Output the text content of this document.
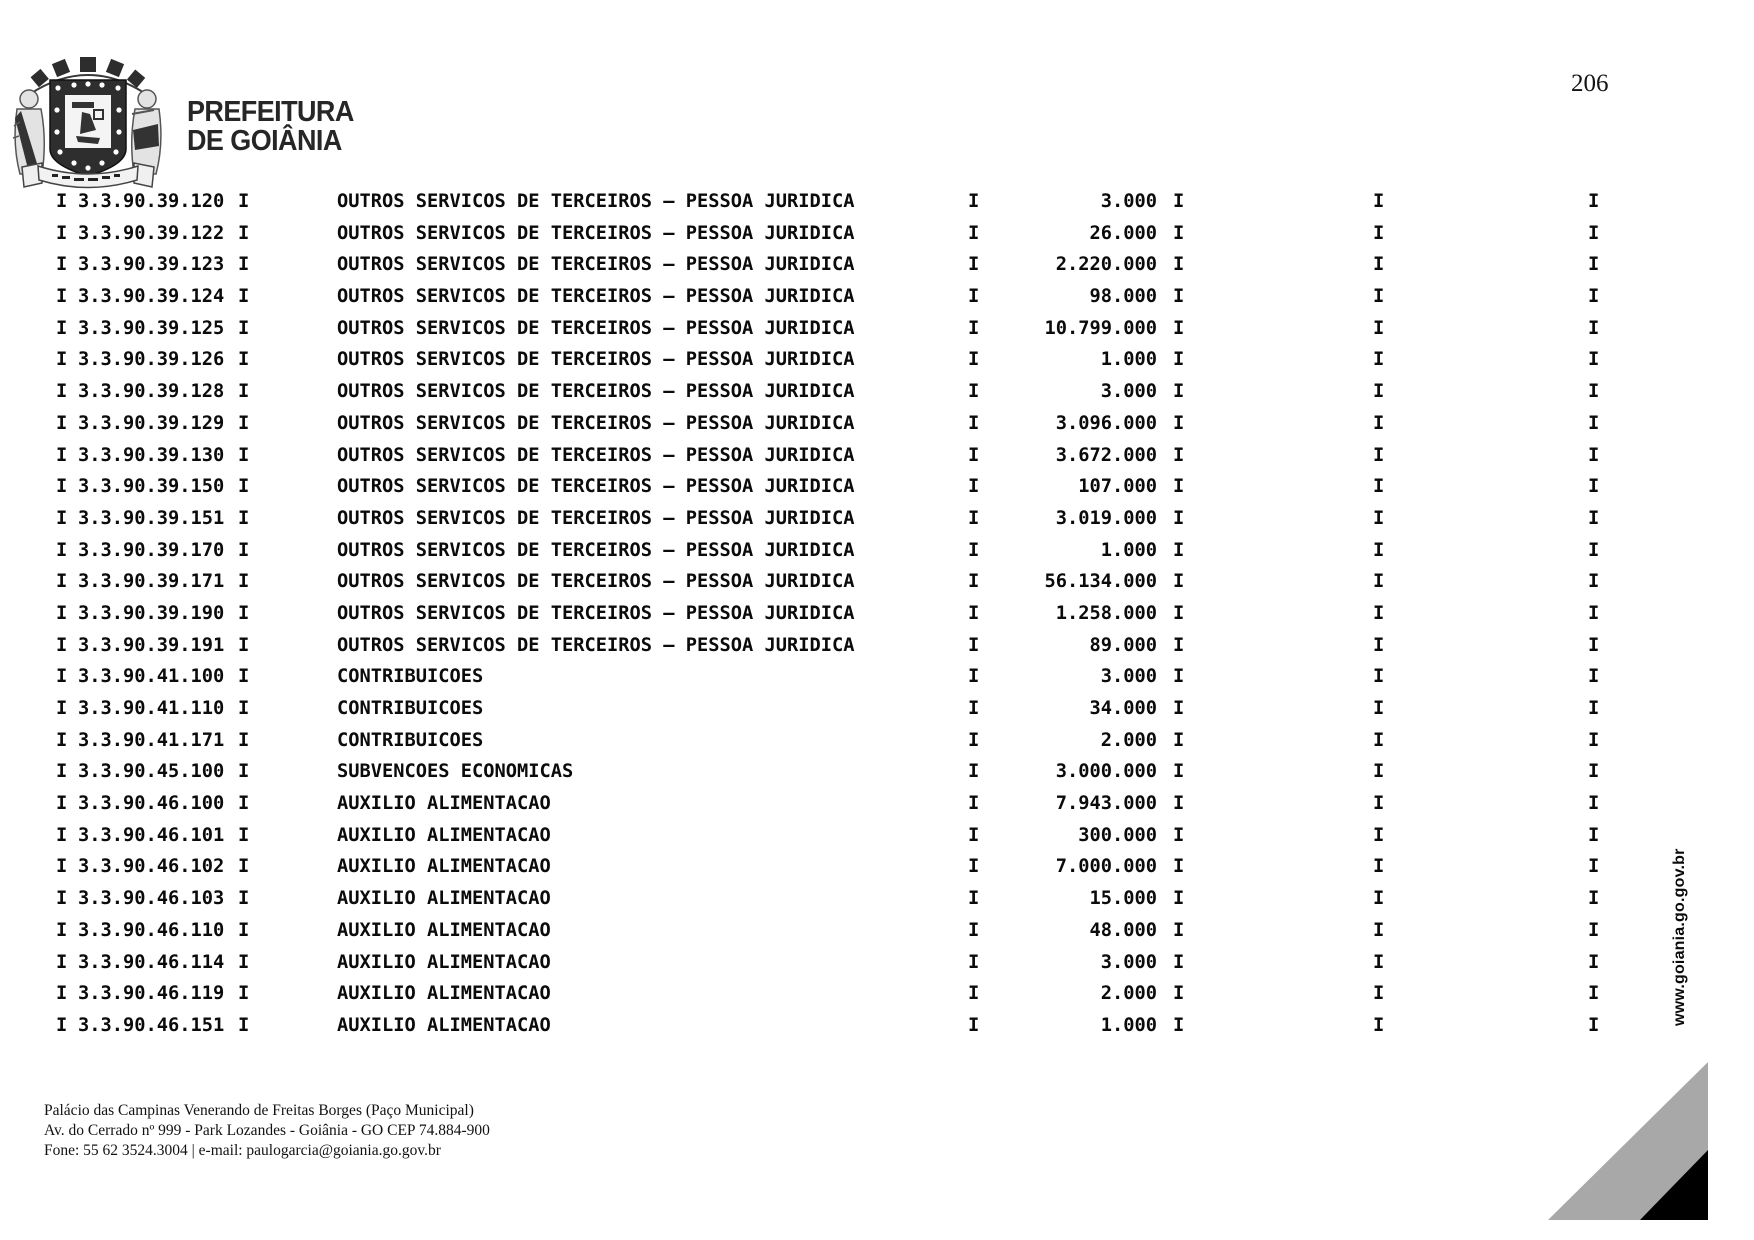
206
PREFEITURA
DE GOIÂNIA
I 3.3.90.39.120 I	OUTROS SERVICOS DE TERCEIROS – PESSOA JURIDICA	I	3.000 I	I	I
I 3.3.90.39.122 I	OUTROS SERVICOS DE TERCEIROS – PESSOA JURIDICA	I	26.000 I	I	I
I 3.3.90.39.123 I	OUTROS SERVICOS DE TERCEIROS – PESSOA JURIDICA	I	2.220.000 I	I	I
I 3.3.90.39.124 I	OUTROS SERVICOS DE TERCEIROS – PESSOA JURIDICA	I	98.000 I	I	I
I 3.3.90.39.125 I	OUTROS SERVICOS DE TERCEIROS – PESSOA JURIDICA	I	10.799.000 I	I	I
I 3.3.90.39.126 I	OUTROS SERVICOS DE TERCEIROS – PESSOA JURIDICA	I	1.000 I	I	I
I 3.3.90.39.128 I	OUTROS SERVICOS DE TERCEIROS – PESSOA JURIDICA	I	3.000 I	I	I
I 3.3.90.39.129 I	OUTROS SERVICOS DE TERCEIROS – PESSOA JURIDICA	I	3.096.000 I	I	I
I 3.3.90.39.130 I	OUTROS SERVICOS DE TERCEIROS – PESSOA JURIDICA	I	3.672.000 I	I	I
I 3.3.90.39.150 I	OUTROS SERVICOS DE TERCEIROS – PESSOA JURIDICA	I	107.000 I	I	I
I 3.3.90.39.151 I	OUTROS SERVICOS DE TERCEIROS – PESSOA JURIDICA	I	3.019.000 I	I	I
I 3.3.90.39.170 I	OUTROS SERVICOS DE TERCEIROS – PESSOA JURIDICA	I	1.000 I	I	I
I 3.3.90.39.171 I	OUTROS SERVICOS DE TERCEIROS – PESSOA JURIDICA	I	56.134.000 I	I	I
I 3.3.90.39.190 I	OUTROS SERVICOS DE TERCEIROS – PESSOA JURIDICA	I	1.258.000 I	I	I
I 3.3.90.39.191 I	OUTROS SERVICOS DE TERCEIROS – PESSOA JURIDICA	I	89.000 I	I	I
I 3.3.90.41.100 I	CONTRIBUICOES	I	3.000 I	I	I
I 3.3.90.41.110 I	CONTRIBUICOES	I	34.000 I	I	I
I 3.3.90.41.171 I	CONTRIBUICOES	I	2.000 I	I	I
I 3.3.90.45.100 I	SUBVENCOES ECONOMICAS	I	3.000.000 I	I	I
I 3.3.90.46.100 I	AUXILIO ALIMENTACAO	I	7.943.000 I	I	I
I 3.3.90.46.101 I	AUXILIO ALIMENTACAO	I	300.000 I	I	I
I 3.3.90.46.102 I	AUXILIO ALIMENTACAO	I	7.000.000 I	I	I
I 3.3.90.46.103 I	AUXILIO ALIMENTACAO	I	15.000 I	I	I
I 3.3.90.46.110 I	AUXILIO ALIMENTACAO	I	48.000 I	I	I
I 3.3.90.46.114 I	AUXILIO ALIMENTACAO	I	3.000 I	I	I
I 3.3.90.46.119 I	AUXILIO ALIMENTACAO	I	2.000 I	I	I
I 3.3.90.46.151 I	AUXILIO ALIMENTACAO	I	1.000 I	I	I
Palácio das Campinas Venerando de Freitas Borges (Paço Municipal)
Av. do Cerrado nº 999 - Park Lozandes - Goiânia - GO CEP 74.884-900
Fone: 55 62 3524.3004 | e-mail: paulogarcia@goiania.go.gov.br
www.goiania.go.gov.br
